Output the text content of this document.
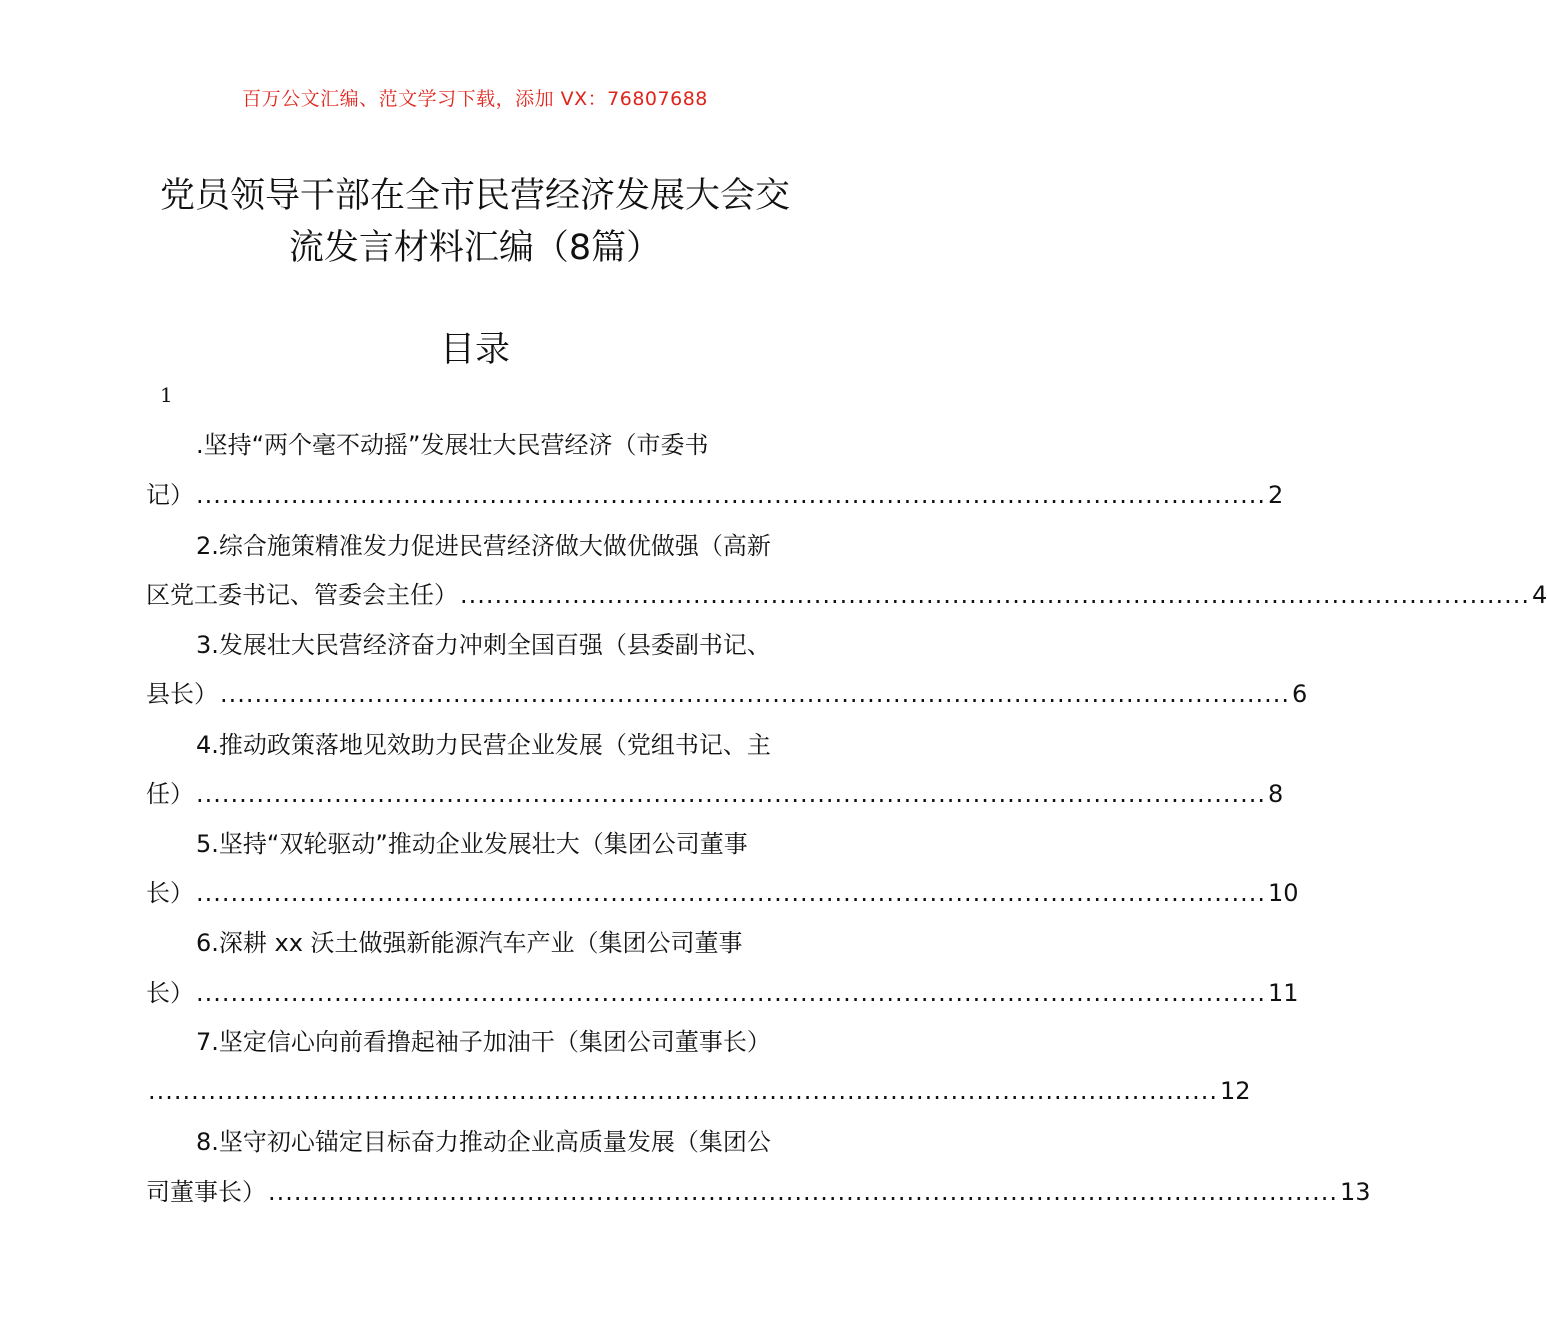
百万公文汇编、范文学习下载，添加 VX：76807688
党员领导干部在全市民营经济发展大会交
流发言材料汇编（8篇）
目录
1
.坚持“两个毫不动摇”发展壮大民营经济（市委书
记） ............................................................................................................................ 2
2.综合施策精准发力促进民营经济做大做优做强（高新
区党工委书记、管委会主任） ............................................................................................................................ 4
3.发展壮大民营经济奋力冲刺全国百强（县委副书记、
县长） ............................................................................................................................ 6
4.推动政策落地见效助力民营企业发展（党组书记、主
任） ............................................................................................................................ 8
5.坚持“双轮驱动”推动企业发展壮大（集团公司董事
长） ............................................................................................................................ 10
6.深耕 xx 沃土做强新能源汽车产业（集团公司董事
长） ............................................................................................................................ 11
7.坚定信心向前看撸起袖子加油干（集团公司董事长）
............................................................................................................................ 12
8.坚守初心锚定目标奋力推动企业高质量发展（集团公
司董事长） ............................................................................................................................ 13
